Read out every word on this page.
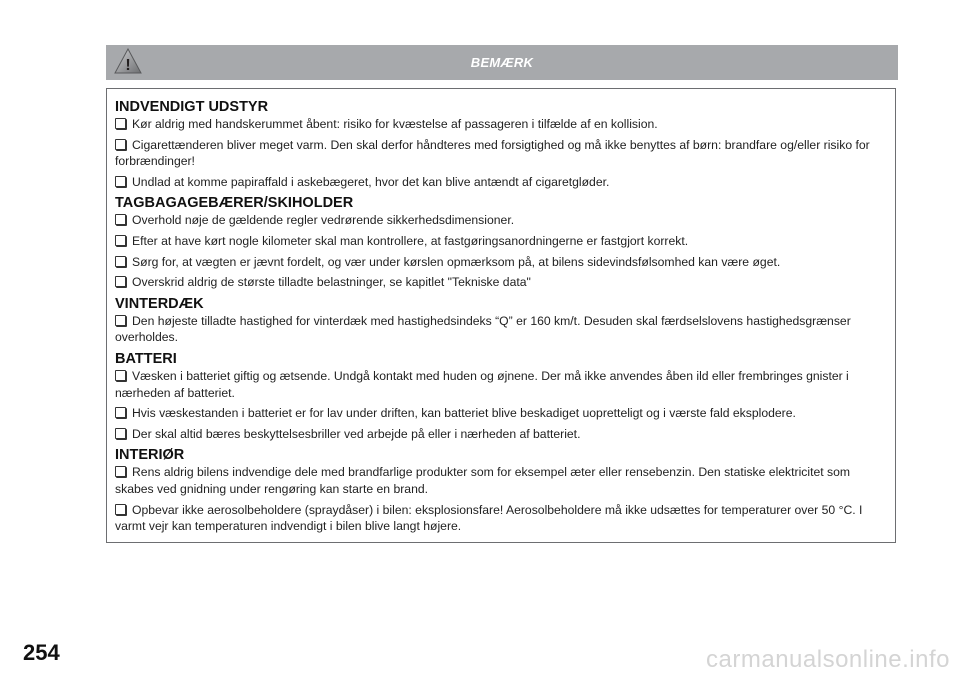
!	BEMÆRK

INDVENDIGT UDSTYR

Kør aldrig med handskerummet åbent: risiko for kvæstelse af passageren i tilfælde af en kollision.

Cigarettænderen bliver meget varm. Den skal derfor håndteres med forsigtighed og må ikke benyttes af børn: brandfare og/eller risiko for forbrændinger!

Undlad at komme papiraffald i askebægeret, hvor det kan blive antændt af cigaretgløder.

TAGBAGAGEBÆRER/SKIHOLDER

Overhold nøje de gældende regler vedrørende sikkerhedsdimensioner.

Efter at have kørt nogle kilometer skal man kontrollere, at fastgøringsanordningerne er fastgjort korrekt.

Sørg for, at vægten er jævnt fordelt, og vær under kørslen opmærksom på, at bilens sidevindsfølsomhed kan være øget.

Overskrid aldrig de største tilladte belastninger, se kapitlet "Tekniske data"

VINTERDÆK

Den højeste tilladte hastighed for vinterdæk med hastighedsindeks “Q” er 160 km/t. Desuden skal færdselslovens hastighedsgrænser overholdes.

BATTERI

Væsken i batteriet giftig og ætsende. Undgå kontakt med huden og øjnene. Der må ikke anvendes åben ild eller frembringes gnister i nærheden af batteriet.

Hvis væskestanden i batteriet er for lav under driften, kan batteriet blive beskadiget uopretteligt og i værste fald eksplodere.

Der skal altid bæres beskyttelsesbriller ved arbejde på eller i nærheden af batteriet.

INTERIØR

Rens aldrig bilens indvendige dele med brandfarlige produkter som for eksempel æter eller rensebenzin. Den statiske elektricitet som skabes ved gnidning under rengøring kan starte en brand.

Opbevar ikke aerosolbeholdere (spraydåser) i bilen: eksplosionsfare! Aerosolbeholdere må ikke udsættes for temperaturer over 50 °C. I varmt vejr kan temperaturen indvendigt i bilen blive langt højere.

254	carmanualsonline.info
